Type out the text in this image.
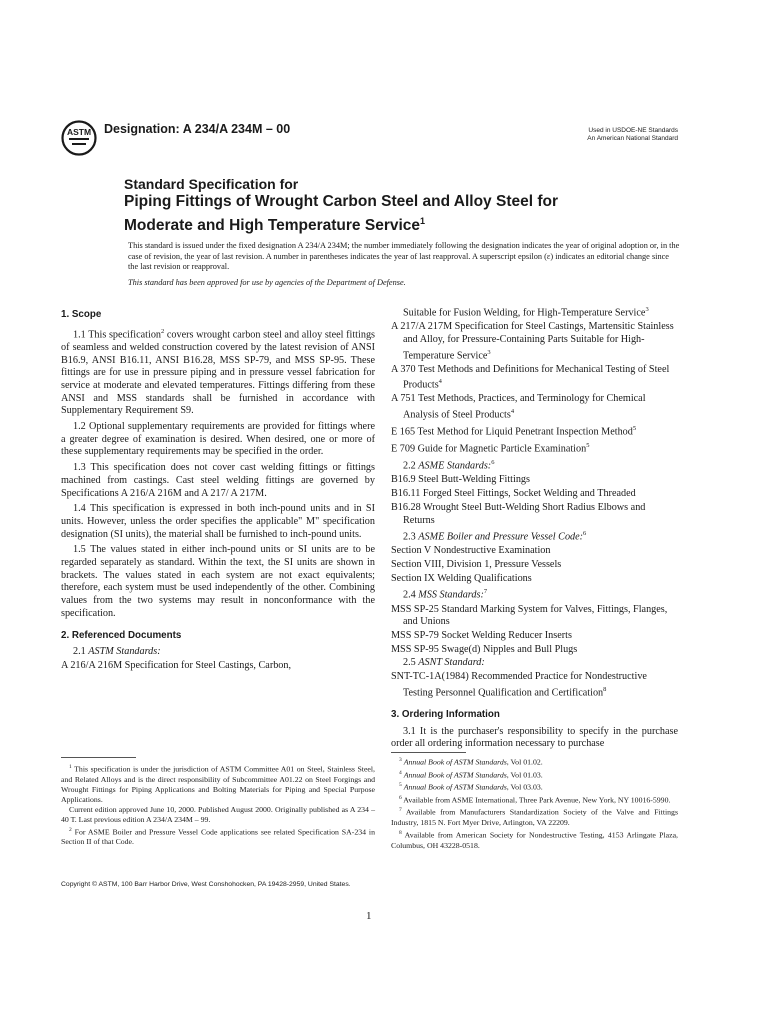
ASTM Designation: A 234/A 234M – 00	Used in USDOE-NE Standards
An American National Standard
Standard Specification for
Piping Fittings of Wrought Carbon Steel and Alloy Steel for
Moderate and High Temperature Service$^1$

This standard is issued under the fixed designation A 234/A 234M; the number immediately following the designation indicates the year of original adoption or, in the case of revision, the year of last revision. A number in parentheses indicates the year of last reapproval. A superscript epsilon (ε) indicates an editorial change since the last revision or reapproval.

This standard has been approved for use by agencies of the Department of Defense.

1. Scope

1.1 This specification$^2$ covers wrought carbon steel and alloy steel fittings of seamless and welded construction covered by the latest revision of ANSI B16.9, ANSI B16.11, ANSI B16.28, MSS SP-79, and MSS SP-95. These fittings are for use in pressure piping and in pressure vessel fabrication for service at moderate and elevated temperatures. Fittings differing from these ANSI and MSS standards shall be furnished in accordance with Supplementary Requirement S9.

1.2 Optional supplementary requirements are provided for fittings where a greater degree of examination is desired. When desired, one or more of these supplementary requirements may be specified in the order.

1.3 This specification does not cover cast welding fittings or fittings machined from castings. Cast steel welding fittings are governed by Specifications A 216/A 216M and A 217/ A 217M.

1.4 This specification is expressed in both inch-pound units and in SI units. However, unless the order specifies the applicable" M" specification designation (SI units), the material shall be furnished to inch-pound units.

1.5 The values stated in either inch-pound units or SI units are to be regarded separately as standard. Within the text, the SI units are shown in brackets. The values stated in each system are not exact equivalents; therefore, each system must be used independently of the other. Combining values from the two systems may result in nonconformance with the specification.

2. Referenced Documents

2.1 ASTM Standards:

A 216/A 216M Specification for Steel Castings, Carbon,

Suitable for Fusion Welding, for High-Temperature Service$^3$

A 217/A 217M Specification for Steel Castings, Martensitic Stainless and Alloy, for Pressure-Containing Parts Suitable for High-Temperature Service$^3$

A 370 Test Methods and Definitions for Mechanical Testing of Steel Products$^4$

A 751 Test Methods, Practices, and Terminology for Chemical Analysis of Steel Products$^4$

E 165 Test Method for Liquid Penetrant Inspection Method$^5$

E 709 Guide for Magnetic Particle Examination$^5$

2.2 ASME Standards:$^6$

B16.9 Steel Butt-Welding Fittings

B16.11 Forged Steel Fittings, Socket Welding and Threaded

B16.28 Wrought Steel Butt-Welding Short Radius Elbows and Returns

2.3 ASME Boiler and Pressure Vessel Code:$^6$

Section V Nondestructive Examination

Section VIII, Division 1, Pressure Vessels

Section IX Welding Qualifications

2.4 MSS Standards:$^7$

MSS SP-25 Standard Marking System for Valves, Fittings, Flanges, and Unions

MSS SP-79 Socket Welding Reducer Inserts

MSS SP-95 Swage(d) Nipples and Bull Plugs

2.5 ASNT Standard:

SNT-TC-1A(1984) Recommended Practice for Nondestructive Testing Personnel Qualification and Certification$^8$

3. Ordering Information

3.1 It is the purchaser's responsibility to specify in the purchase order all ordering information necessary to purchase

$^1$ This specification is under the jurisdiction of ASTM Committee A01 on Steel, Stainless Steel, and Related Alloys and is the direct responsibility of Subcommittee A01.22 on Steel Forgings and Wrought Fittings for Piping Applications and Bolting Materials for Piping and Special Purpose Applications.

Current edition approved June 10, 2000. Published August 2000. Originally published as A 234 – 40 T. Last previous edition A 234/A 234M – 99.

$^2$ For ASME Boiler and Pressure Vessel Code applications see related Specification SA-234 in Section II of that Code.

$^3$ Annual Book of ASTM Standards, Vol 01.02.

$^4$ Annual Book of ASTM Standards, Vol 01.03.

$^5$ Annual Book of ASTM Standards, Vol 03.03.

$^6$ Available from ASME International, Three Park Avenue, New York, NY 10016-5990.

$^7$ Available from Manufacturers Standardization Society of the Valve and Fittings Industry, 1815 N. Fort Myer Drive, Arlington, VA 22209.

$^8$ Available from American Society for Nondestructive Testing, 4153 Arlingate Plaza, Columbus, OH 43228-0518.

Copyright © ASTM, 100 Barr Harbor Drive, West Conshohocken, PA 19428-2959, United States.
1
